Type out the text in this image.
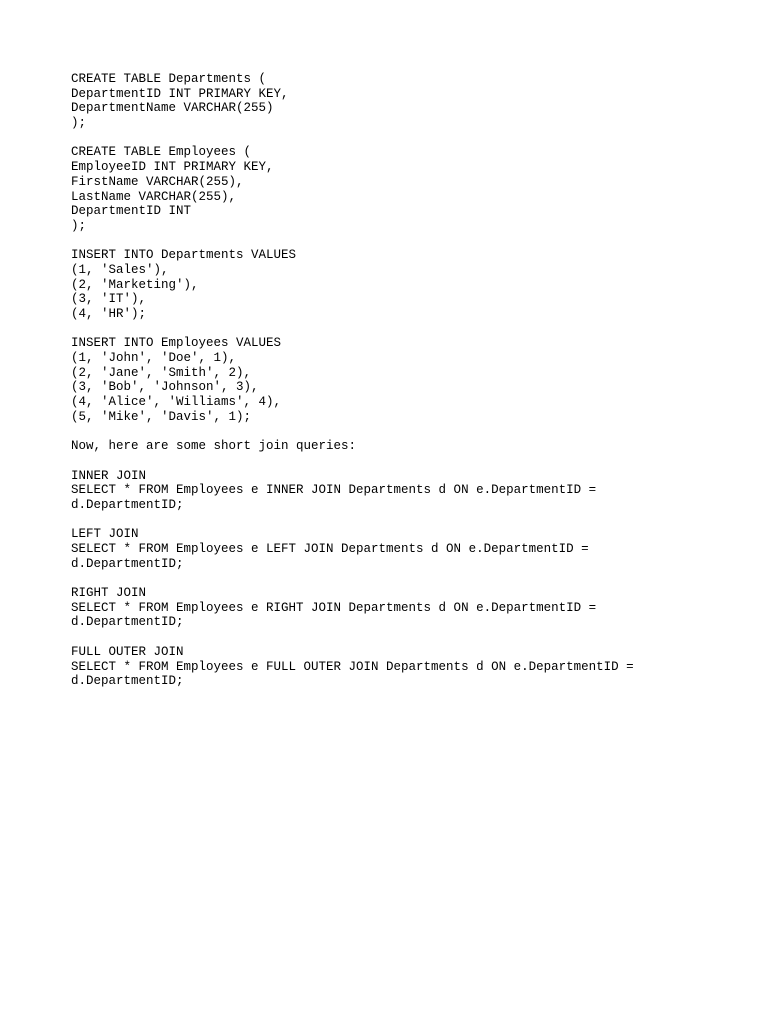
CREATE TABLE Departments (
DepartmentID INT PRIMARY KEY,
DepartmentName VARCHAR(255)
);
CREATE TABLE Employees (
EmployeeID INT PRIMARY KEY,
FirstName VARCHAR(255),
LastName VARCHAR(255),
DepartmentID INT
);
INSERT INTO Departments VALUES
(1, 'Sales'),
(2, 'Marketing'),
(3, 'IT'),
(4, 'HR');
INSERT INTO Employees VALUES
(1, 'John', 'Doe', 1),
(2, 'Jane', 'Smith', 2),
(3, 'Bob', 'Johnson', 3),
(4, 'Alice', 'Williams', 4),
(5, 'Mike', 'Davis', 1);
Now, here are some short join queries:
INNER JOIN
SELECT * FROM Employees e INNER JOIN Departments d ON e.DepartmentID =
d.DepartmentID;
LEFT JOIN
SELECT * FROM Employees e LEFT JOIN Departments d ON e.DepartmentID =
d.DepartmentID;
RIGHT JOIN
SELECT * FROM Employees e RIGHT JOIN Departments d ON e.DepartmentID =
d.DepartmentID;
FULL OUTER JOIN
SELECT * FROM Employees e FULL OUTER JOIN Departments d ON e.DepartmentID =
d.DepartmentID;
